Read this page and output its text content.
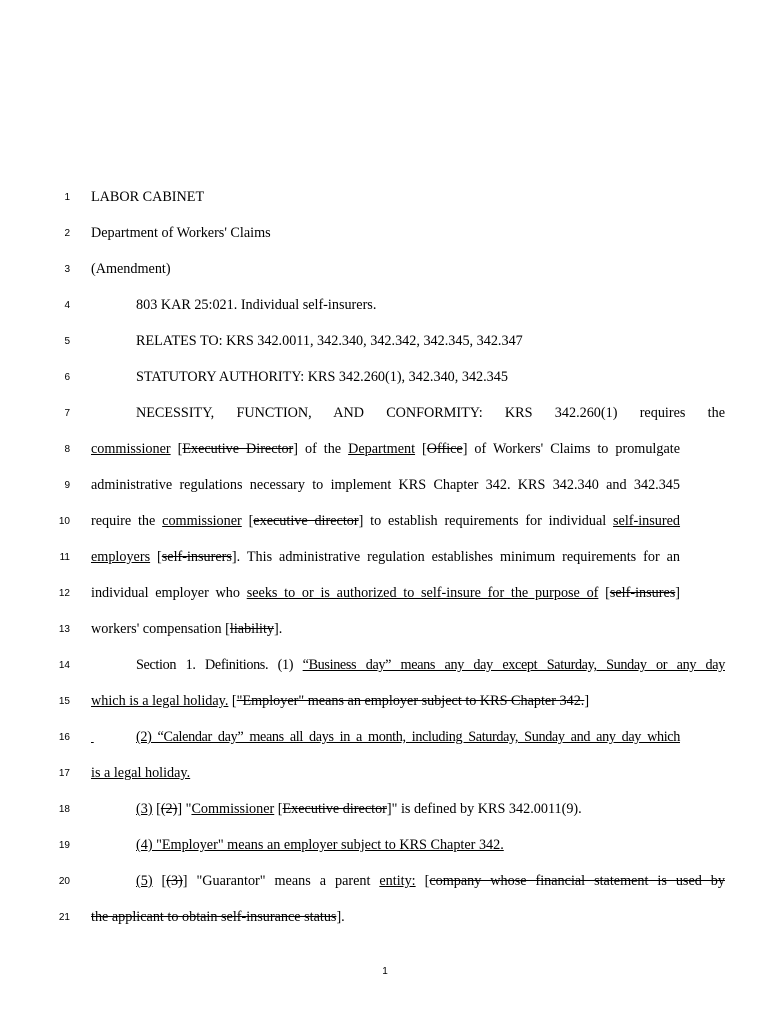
1 LABOR CABINET
2 Department of Workers' Claims
3 (Amendment)
4	803 KAR 25:021. Individual self-insurers.
5	RELATES TO: KRS 342.0011, 342.340, 342.342, 342.345, 342.347
6	STATUTORY AUTHORITY: KRS 342.260(1), 342.340, 342.345
7	NECESSITY, FUNCTION, AND CONFORMITY: KRS 342.260(1) requires the
8 commissioner [Executive Director] of the Department [Office] of Workers' Claims to promulgate
9 administrative regulations necessary to implement KRS Chapter 342. KRS 342.340 and 342.345
10 require the commissioner [executive director] to establish requirements for individual self-insured
11 employers [self-insurers]. This administrative regulation establishes minimum requirements for an
12 individual employer who seeks to or is authorized to self-insure for the purpose of [self-insures]
13 workers' compensation [liability].
14	Section 1. Definitions. (1) “Business day” means any day except Saturday, Sunday or any day
15 which is a legal holiday. ["Employer" means an employer subject to KRS Chapter 342.]
16	(2) “Calendar day” means all days in a month, including Saturday, Sunday and any day which
17 is a legal holiday.
18	(3) [(2)] "Commissioner [Executive director]" is defined by KRS 342.0011(9).
19	(4) "Employer" means an employer subject to KRS Chapter 342.
20	(5) [(3)] "Guarantor" means a parent entity: [company whose financial statement is used by
21 the applicant to obtain self-insurance status].
1
